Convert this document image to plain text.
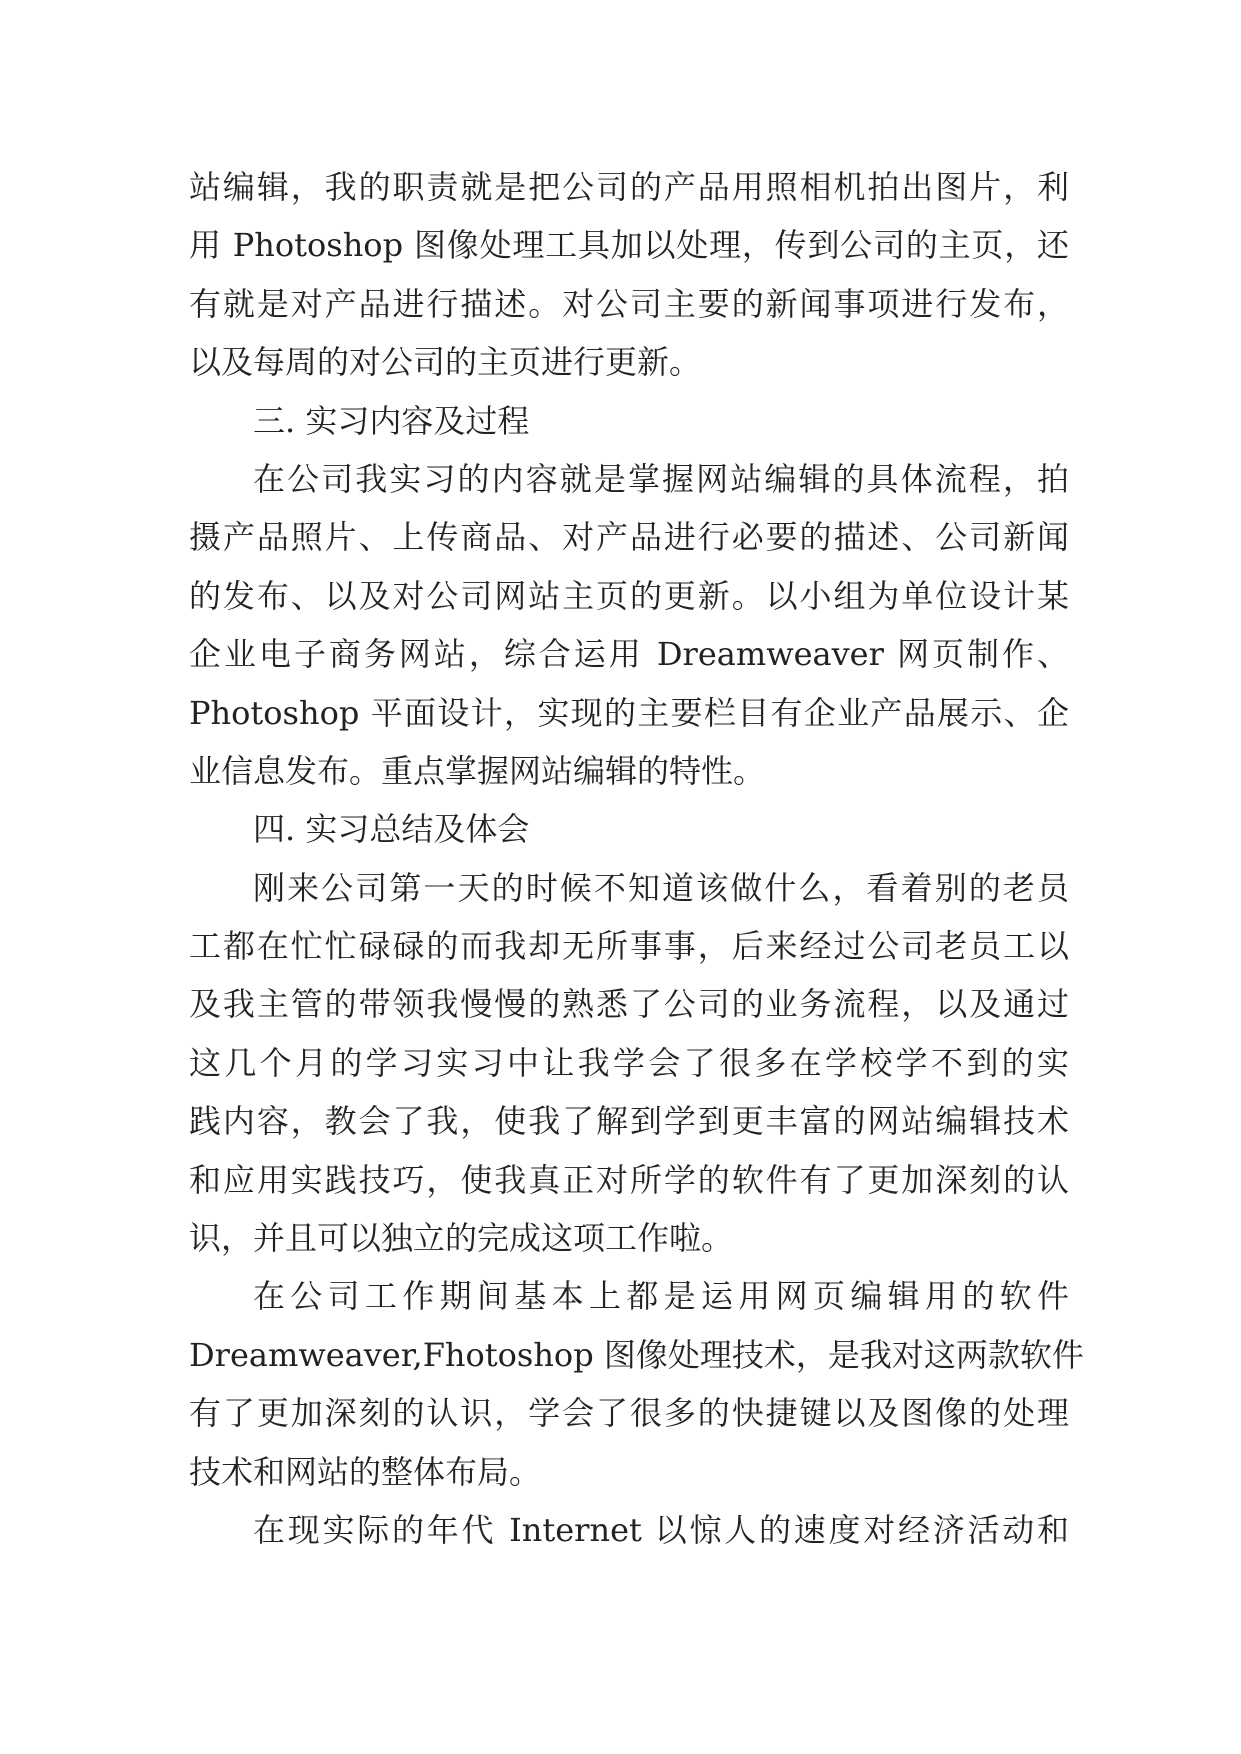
站编辑，我的职责就是把公司的产品用照相机拍出图片，利
用 Photoshop 图像处理工具加以处理，传到公司的主页，还
有就是对产品进行描述。对公司主要的新闻事项进行发布，
以及每周的对公司的主页进行更新。
三. 实习内容及过程
在公司我实习的内容就是掌握网站编辑的具体流程，拍
摄产品照片、上传商品、对产品进行必要的描述、公司新闻
的发布、以及对公司网站主页的更新。以小组为单位设计某
企业电子商务网站，综合运用 Dreamweaver 网页制作、
Photoshop 平面设计，实现的主要栏目有企业产品展示、企
业信息发布。重点掌握网站编辑的特性。
四. 实习总结及体会
刚来公司第一天的时候不知道该做什么，看着别的老员
工都在忙忙碌碌的而我却无所事事，后来经过公司老员工以
及我主管的带领我慢慢的熟悉了公司的业务流程，以及通过
这几个月的学习实习中让我学会了很多在学校学不到的实
践内容，教会了我，使我了解到学到更丰富的网站编辑技术
和应用实践技巧，使我真正对所学的软件有了更加深刻的认
识，并且可以独立的完成这项工作啦。
在公司工作期间基本上都是运用网页编辑用的软件
Dreamweaver,Fhotoshop 图像处理技术，是我对这两款软件
有了更加深刻的认识，学会了很多的快捷键以及图像的处理
技术和网站的整体布局。
在现实际的年代 Internet 以惊人的速度对经济活动和
